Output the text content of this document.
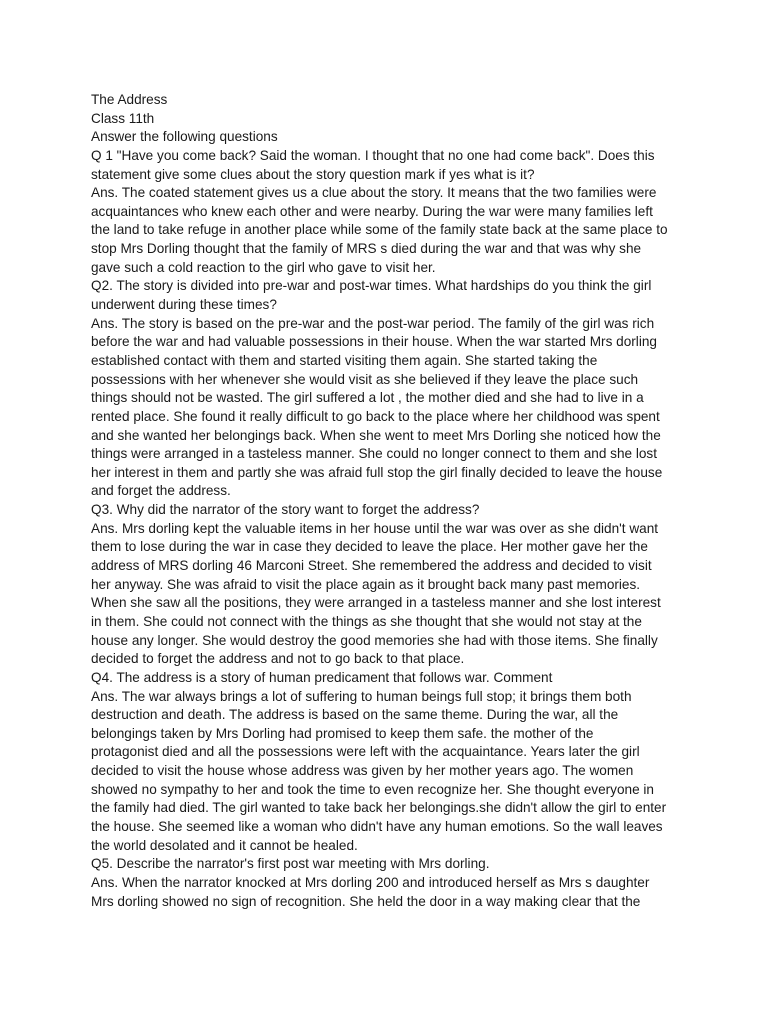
The Address
Class 11th
Answer the following questions
Q 1 "Have you come back? Said the woman. I thought that no one had come back". Does this
statement give some clues about the story question mark if yes what is it?
Ans. The coated statement gives us a clue about the story. It means that the two families were
acquaintances who knew each other and were nearby. During the war were many families left
the land to take refuge in another place while some of the family state back at the same place to
stop Mrs Dorling thought that the family of MRS s died during the war and that was why she
gave such a cold reaction to the girl who gave to visit her.
Q2. The story is divided into pre-war and post-war times. What hardships do you think the girl
underwent during these times?
Ans. The story is based on the pre-war and the post-war period. The family of the girl was rich
before the war and had valuable possessions in their house. When the war started Mrs dorling
established contact with them and started visiting them again. She started taking the
possessions with her whenever she would visit as she believed if they leave the place such
things should not be wasted. The girl suffered a lot , the mother died and she had to live in a
rented place. She found it really difficult to go back to the place where her childhood was spent
and she wanted her belongings back. When she went to meet Mrs Dorling she noticed how the
things were arranged in a tasteless manner. She could no longer connect to them and she lost
her interest in them and partly she was afraid full stop the girl finally decided to leave the house
and forget the address.
Q3. Why did the narrator of the story want to forget the address?
Ans. Mrs dorling kept the valuable items in her house until the war was over as she didn't want
them to lose during the war in case they decided to leave the place. Her mother gave her the
address of MRS dorling 46 Marconi Street. She remembered the address and decided to visit
her anyway. She was afraid to visit the place again as it brought back many past memories.
When she saw all the positions, they were arranged in a tasteless manner and she lost interest
in them. She could not connect with the things as she thought that she would not stay at the
house any longer. She would destroy the good memories she had with those items. She finally
decided to forget the address and not to go back to that place.
Q4. The address is a story of human predicament that follows war. Comment
Ans. The war always brings a lot of suffering to human beings full stop; it brings them both
destruction and death. The address is based on the same theme. During the war, all the
belongings taken by Mrs Dorling had promised to keep them safe. the mother of the
protagonist died and all the possessions were left with the acquaintance. Years later the girl
decided to visit the house whose address was given by her mother years ago. The women
showed no sympathy to her and took the time to even recognize her. She thought everyone in
the family had died. The girl wanted to take back her belongings.she didn't allow the girl to enter
the house. She seemed like a woman who didn't have any human emotions. So the wall leaves
the world desolated and it cannot be healed.
Q5. Describe the narrator's first post war meeting with Mrs dorling.
Ans. When the narrator knocked at Mrs dorling 200 and introduced herself as Mrs s daughter
Mrs dorling showed no sign of recognition. She held the door in a way making clear that the
